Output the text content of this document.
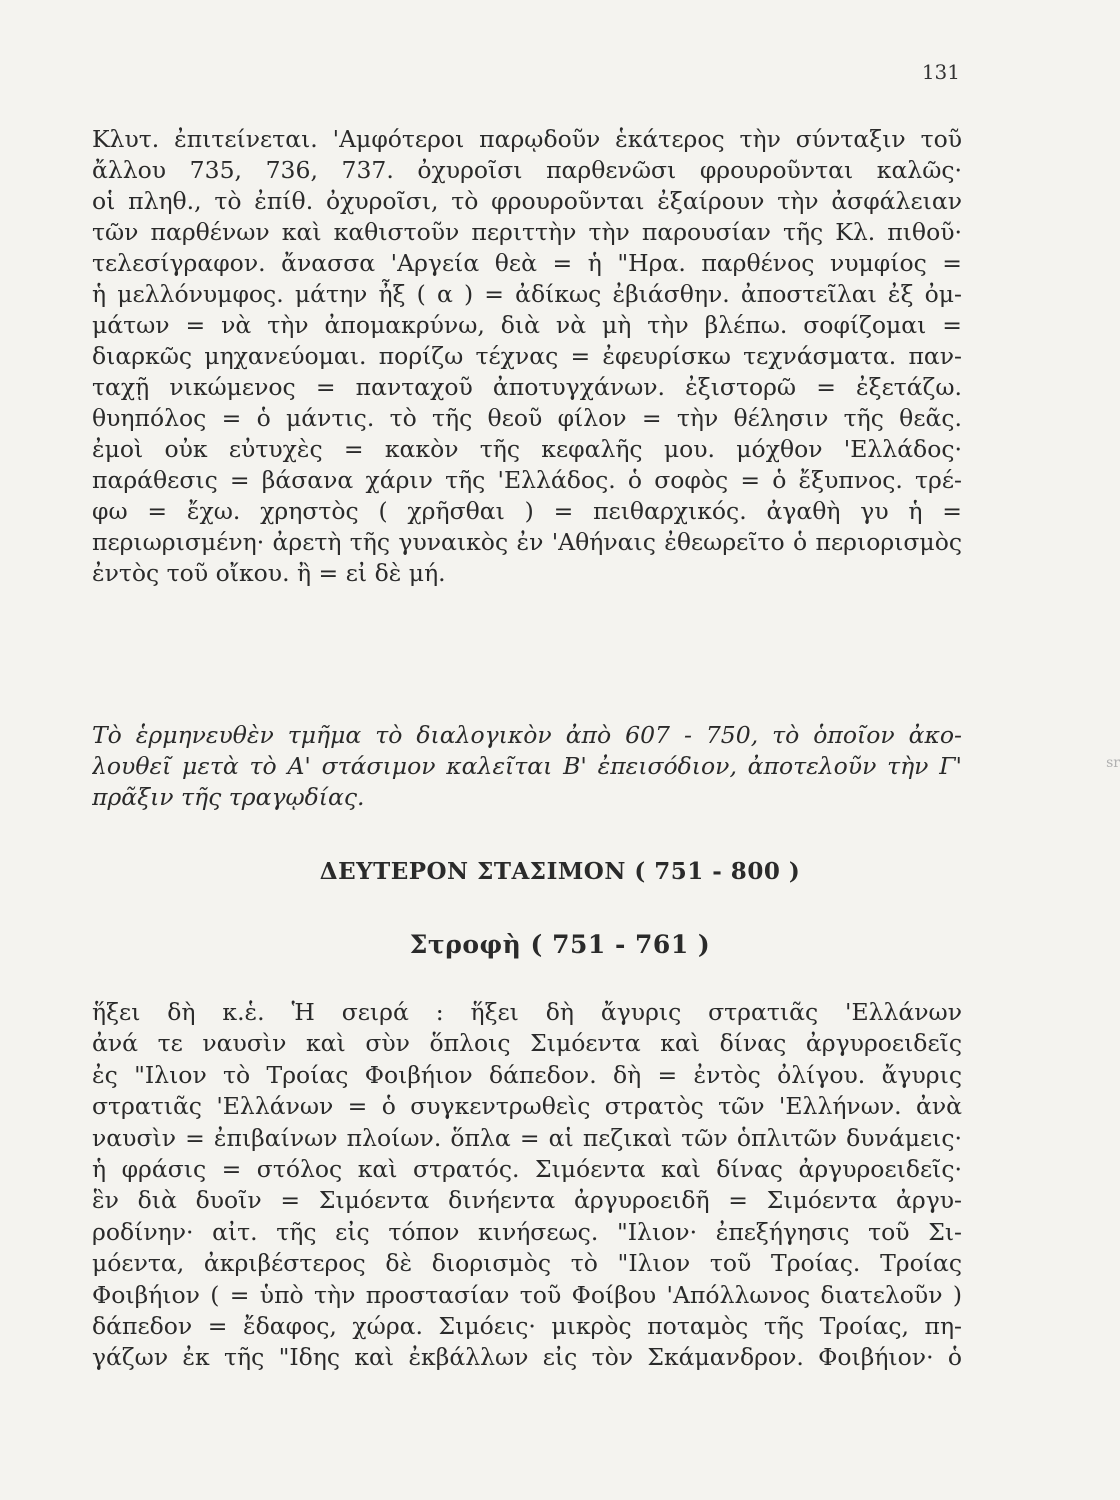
131
Κλυτ. ἐπιτείνεται. 'Αμφότεροι παρῳδοῦν ἑκάτερος τὴν σύνταξιν τοῦ
ἄλλου 735, 736, 737. ὀχυροῖσι παρθενῶσι φρουροῦνται καλῶς·
οἱ πληθ., τὸ ἐπίθ. ὀχυροῖσι, τὸ φρουροῦνται ἐξαίρουν τὴν ἀσφάλειαν
τῶν παρθένων καὶ καθιστοῦν περιττὴν τὴν παρουσίαν τῆς Κλ. πιθοῦ·
τελεσίγραφον. ἄνασσα 'Αργεία θεὰ = ἡ "Ηρα. παρθένος νυμφίος =
ἡ μελλόνυμφος. μάτην ἦξ ( α ) = ἀδίκως ἐβιάσθην. ἀποστεῖλαι ἐξ ὀμ-
μάτων = νὰ τὴν ἀπομακρύνω, διὰ νὰ μὴ τὴν βλέπω. σοφίζομαι =
διαρκῶς μηχανεύομαι. πορίζω τέχνας = ἐφευρίσκω τεχνάσματα. παν-
ταχῇ νικώμενος = πανταχοῦ ἀποτυγχάνων. ἐξιστορῶ = ἐξετάζω.
θυηπόλος = ὁ μάντις. τὸ τῆς θεοῦ φίλον = τὴν θέλησιν τῆς θεᾶς.
ἐμοὶ οὐκ εὐτυχὲς = κακὸν τῆς κεφαλῆς μου. μόχθον 'Ελλάδος·
παράθεσις = βάσανα χάριν τῆς 'Ελλάδος. ὁ σοφὸς = ὁ ἔξυπνος. τρέ-
φω = ἔχω. χρηστὸς ( χρῆσθαι ) = πειθαρχικός. ἀγαθὴ γυ ἡ =
περιωρισμένη· ἀρετὴ τῆς γυναικὸς ἐν 'Αθήναις ἐθεωρεῖτο ὁ περιορισμὸς
ἐντὸς τοῦ οἴκου. ἢ = εἰ δὲ μή.
Τὸ ἑρμηνευθὲν τμῆμα τὸ διαλογικὸν ἀπὸ 607 - 750, τὸ ὁποῖον ἀκο-
λουθεῖ μετὰ τὸ Α' στάσιμον καλεῖται Β' ἐπεισόδιον, ἀποτελοῦν τὴν Γ'
πρᾶξιν τῆς τραγῳδίας.
ΔΕΥΤΕΡΟΝ ΣΤΑΣΙΜΟΝ ( 751 - 800 )
Στροφὴ ( 751 - 761 )
ἥξει δὴ κ.ἑ. Ἡ σειρά : ἥξει δὴ ἄγυρις στρατιᾶς 'Ελλάνων
ἀνά τε ναυσὶν καὶ σὺν ὅπλοις Σιμόεντα καὶ δίνας ἀργυροειδεῖς
ἐς "Ιλιον τὸ Τροίας Φοιβήιον δάπεδον. δὴ = ἐντὸς ὀλίγου. ἄγυρις
στρατιᾶς 'Ελλάνων = ὁ συγκεντρωθεὶς στρατὸς τῶν 'Ελλήνων. ἀνὰ
ναυσὶν = ἐπιβαίνων πλοίων. ὅπλα = αἱ πεζικαὶ τῶν ὁπλιτῶν δυνάμεις·
ἡ φράσις = στόλος καὶ στρατός. Σιμόεντα καὶ δίνας ἀργυροειδεῖς·
ἓν διὰ δυοῖν = Σιμόεντα δινήεντα ἀργυροειδῆ = Σιμόεντα ἀργυ-
ροδίνην· αἰτ. τῆς εἰς τόπον κινήσεως. "Ιλιον· ἐπεξήγησις τοῦ Σι-
μόεντα, ἀκριβέστερος δὲ διορισμὸς τὸ "Ιλιον τοῦ Τροίας. Τροίας
Φοιβήιον ( = ὑπὸ τὴν προστασίαν τοῦ Φοίβου 'Απόλλωνος διατελοῦν )
δάπεδον = ἔδαφος, χώρα. Σιμόεις· μικρὸς ποταμὸς τῆς Τροίας, πη-
γάζων ἐκ τῆς "Ιδης καὶ ἐκβάλλων εἰς τὸν Σκάμανδρον. Φοιβήιον· ὁ
sr
